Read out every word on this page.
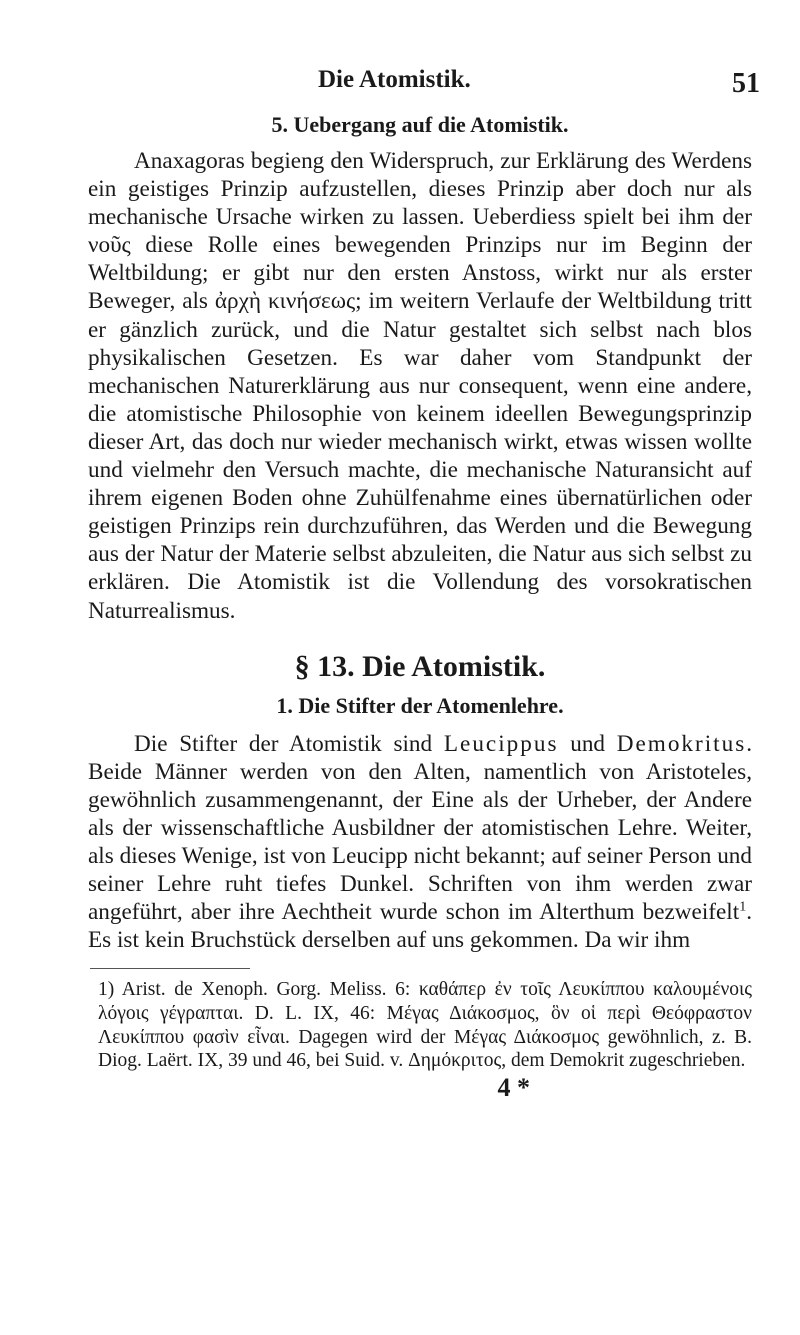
Die Atomistik.	51
5. Uebergang auf die Atomistik.

Anaxagoras begieng den Widerspruch, zur Erklärung des Werdens ein geistiges Prinzip aufzustellen, dieses Prinzip aber doch nur als mechanische Ursache wirken zu lassen. Ueberdiess spielt bei ihm der νοῦς diese Rolle eines bewegenden Prinzips nur im Beginn der Weltbildung; er gibt nur den ersten Anstoss, wirkt nur als erster Beweger, als ἀρχὴ κινήσεως; im weitern Verlaufe der Weltbildung tritt er gänzlich zurück, und die Natur gestaltet sich selbst nach blos physikalischen Gesetzen. Es war daher vom Standpunkt der mechanischen Naturerklärung aus nur consequent, wenn eine andere, die atomistische Philosophie von keinem ideellen Bewegungsprinzip dieser Art, das doch nur wieder mechanisch wirkt, etwas wissen wollte und vielmehr den Versuch machte, die mechanische Naturansicht auf ihrem eigenen Boden ohne Zuhülfenahme eines übernatürlichen oder geistigen Prinzips rein durchzuführen, das Werden und die Bewegung aus der Natur der Materie selbst abzuleiten, die Natur aus sich selbst zu erklären. Die Atomistik ist die Vollendung des vorsokratischen Naturrealismus.

§ 13. Die Atomistik.
1. Die Stifter der Atomenlehre.

Die Stifter der Atomistik sind Leucippus und Demokritus. Beide Männer werden von den Alten, namentlich von Aristoteles, gewöhnlich zusammengenannt, der Eine als der Urheber, der Andere als der wissenschaftliche Ausbildner der atomistischen Lehre. Weiter, als dieses Wenige, ist von Leucipp nicht bekannt; auf seiner Person und seiner Lehre ruht tiefes Dunkel. Schriften von ihm werden zwar angeführt, aber ihre Aechtheit wurde schon im Alterthum bezweifelt$^1$. Es ist kein Bruchstück derselben auf uns gekommen. Da wir ihm

1) Arist. de Xenoph. Gorg. Meliss. 6: καθάπερ ἐν τοῖς Λευκίππου καλουμένοις λόγοις γέγραπται. D. L. IX, 46: Μέγας Διάκοσμος, ὃν οἱ περὶ Θεόφραστον Λευκίππου φασὶν εἶναι. Dagegen wird der Μέγας Διάκοσμος gewöhnlich, z. B. Diog. Laërt. IX, 39 und 46, bei Suid. v. Δημόκριτος, dem Demokrit zugeschrieben.

4 *
